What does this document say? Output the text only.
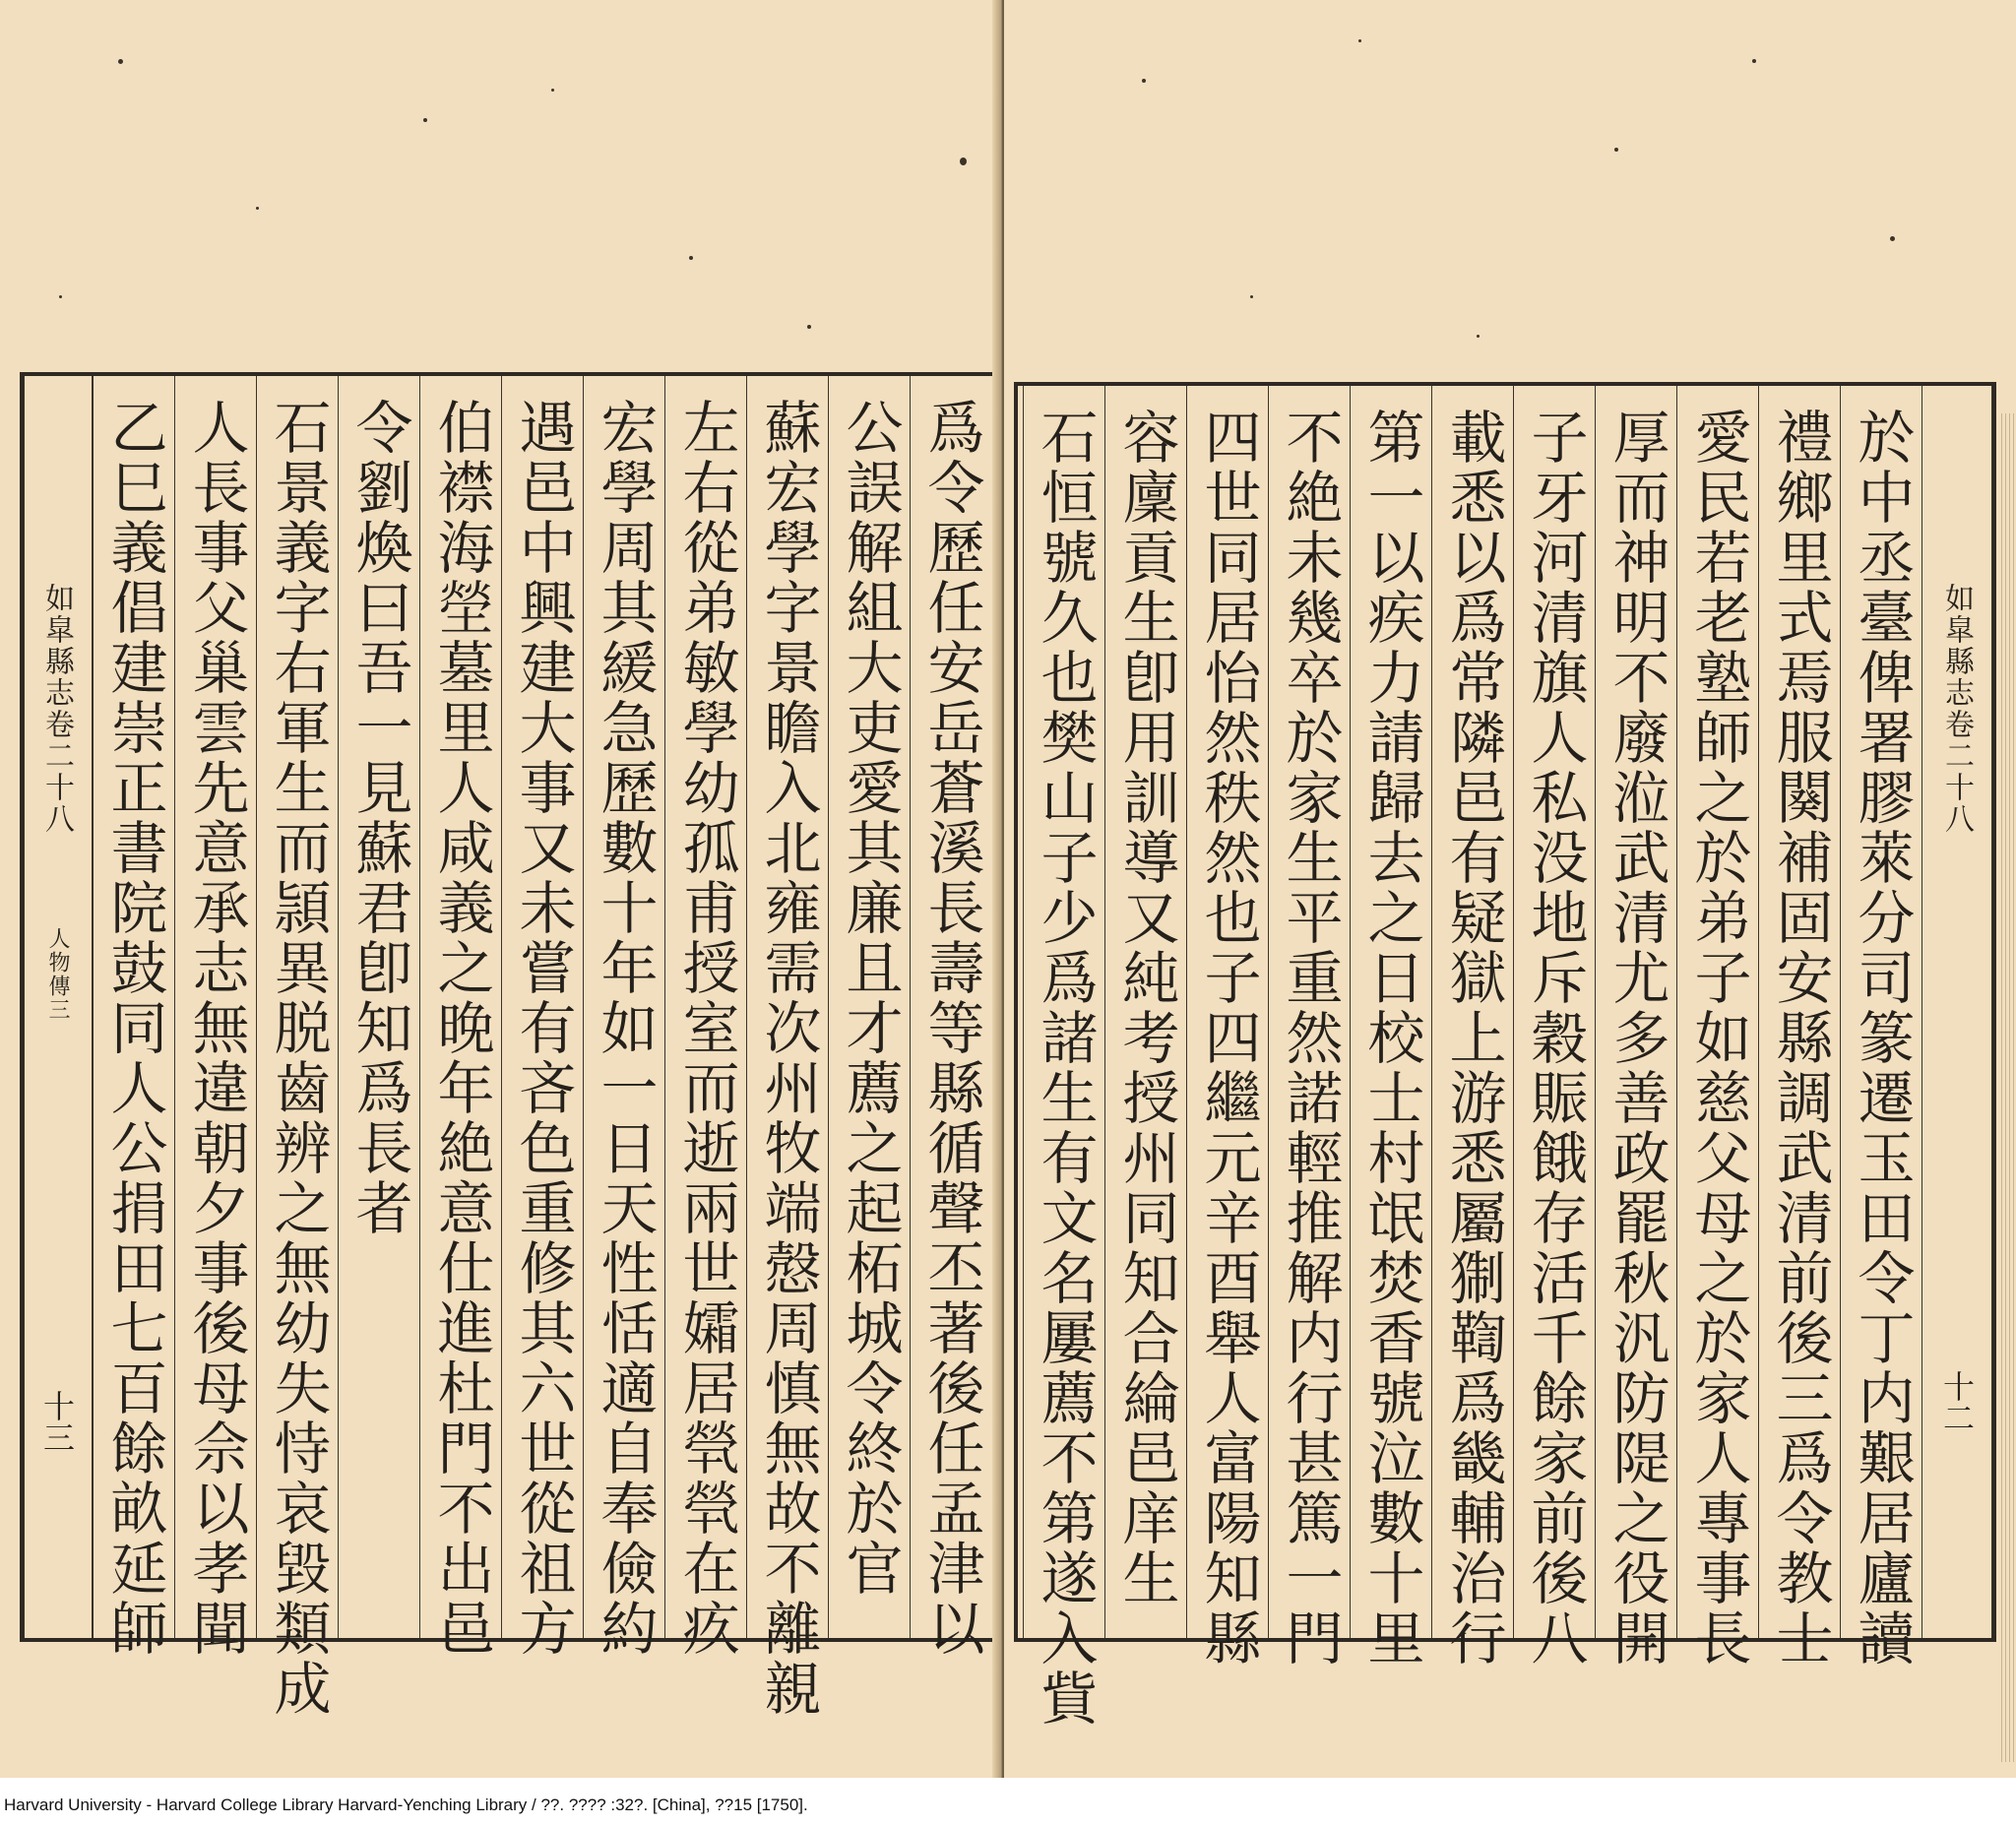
爲令歷任安岳蒼溪長壽等縣循聲丕著後任孟津以
公誤解組大吏愛其廉且才薦之起柘城令終於官
蘇宏學字景瞻入北雍需次州牧端慤周慎無故不離親
左右從弟敏學幼孤甫授室而逝兩世孀居煢煢在疚
宏學周其緩急歷數十年如一日天性恬適自奉儉約
遇邑中興建大事又未嘗有吝色重修其六世從祖方
伯襟海塋墓里人咸義之晚年絶意仕進杜門不出邑
令劉煥曰吾一見蘇君卽知爲長者
石景義字右軍生而頴異脱齒辨之無幼失恃哀毀類成
人長事父巢雲先意承志無違朝夕事後母佘以孝聞
乙巳義倡建崇正書院鼓同人公捐田七百餘畝延師
如皐縣志卷二十八
人物傳三
十三	於中丞臺俾署膠萊分司篆遷玉田令丁内艱居廬讀
禮鄉里式焉服闋補固安縣調武清前後三爲令教士
愛民若老塾師之於弟子如慈父母之於家人專事長
厚而神明不廢涖武清尤多善政罷秋汎防隄之役開
子牙河清旗人私没地斥穀賑餓存活千餘家前後八
載悉以爲常隣邑有疑獄上游悉屬猘鞫爲畿輔治行
第一以疾力請歸去之日校士村氓焚香號泣數十里
不絶未幾卒於家生平重然諾輕推解内行甚篤一門
四世同居怡然秩然也子四繼元辛酉舉人富陽知縣
容廩貢生卽用訓導又純考授州同知合綸邑庠生
石恒號久也樊山子少爲諸生有文名屢薦不第遂入貲	如皐縣志卷二十八
十二
Harvard University - Harvard College Library Harvard-Yenching Library / ??. ???? :32?. [China], ??15 [1750].
